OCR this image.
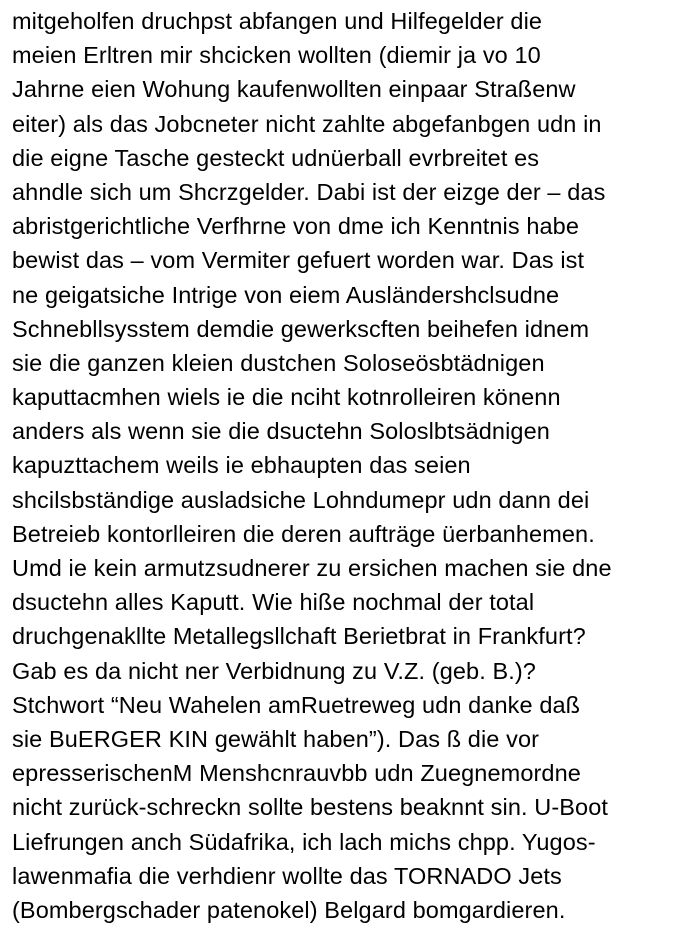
mitgeholfen druchpst abfangen und Hilfegelder die
meien Erltren mir shcicken wollten (diemir ja vo 10
Jahrne eien Wohung kaufenwollten einpaar Straßenw
eiter) als das Jobcneter nicht zahlte abgefanbgen udn in
die eigne Tasche gesteckt udnüerball evrbreitet es
ahndle sich um Shcrzgelder. Dabi ist der eizge der – das
abristgerichtliche Verfhrne von dme ich Kenntnis habe
bewist das – vom Vermiter gefuert worden war. Das ist
ne geigatsiche Intrige von eiem Ausländershclsudne
Schnebllsysstem demdie gewerkscften beihefen idnem
sie die ganzen kleien dustchen Soloseösbtädnigen
kaputtacmhen wiels ie die nciht kotnrolleiren könenn
anders als wenn sie die dsuctehn Soloslbtsädnigen
kapuzttachem weils ie ebhaupten das seien
shcilsbständige ausladsiche Lohndumepr udn dann dei
Betreieb kontorlleiren die deren aufträge üerbanhemen.
Umd ie kein armutzsudnerer zu ersichen machen sie dne
dsuctehn alles Kaputt. Wie hiße nochmal der total
druchgenakllte Metallegsllchaft Berietbrat in Frankfurt?
Gab es da nicht ner Verbidnung zu V.Z. (geb. B.)?
Stchwort “Neu Wahelen amRuetreweg udn danke daß
sie BuERGER KIN gewählt haben”). Das ß die vor
epresserischenM Menshcnrauvbb udn Zuegnemordne
nicht zurück-schreckn sollte bestens beaknnt sin. U-Boot
Liefrungen anch Südafrika, ich lach michs chpp. Yugos-
lawenmafia die verhdienr wollte das TORNADO Jets
(Bombergschader patenokel) Belgard bomgardieren.
